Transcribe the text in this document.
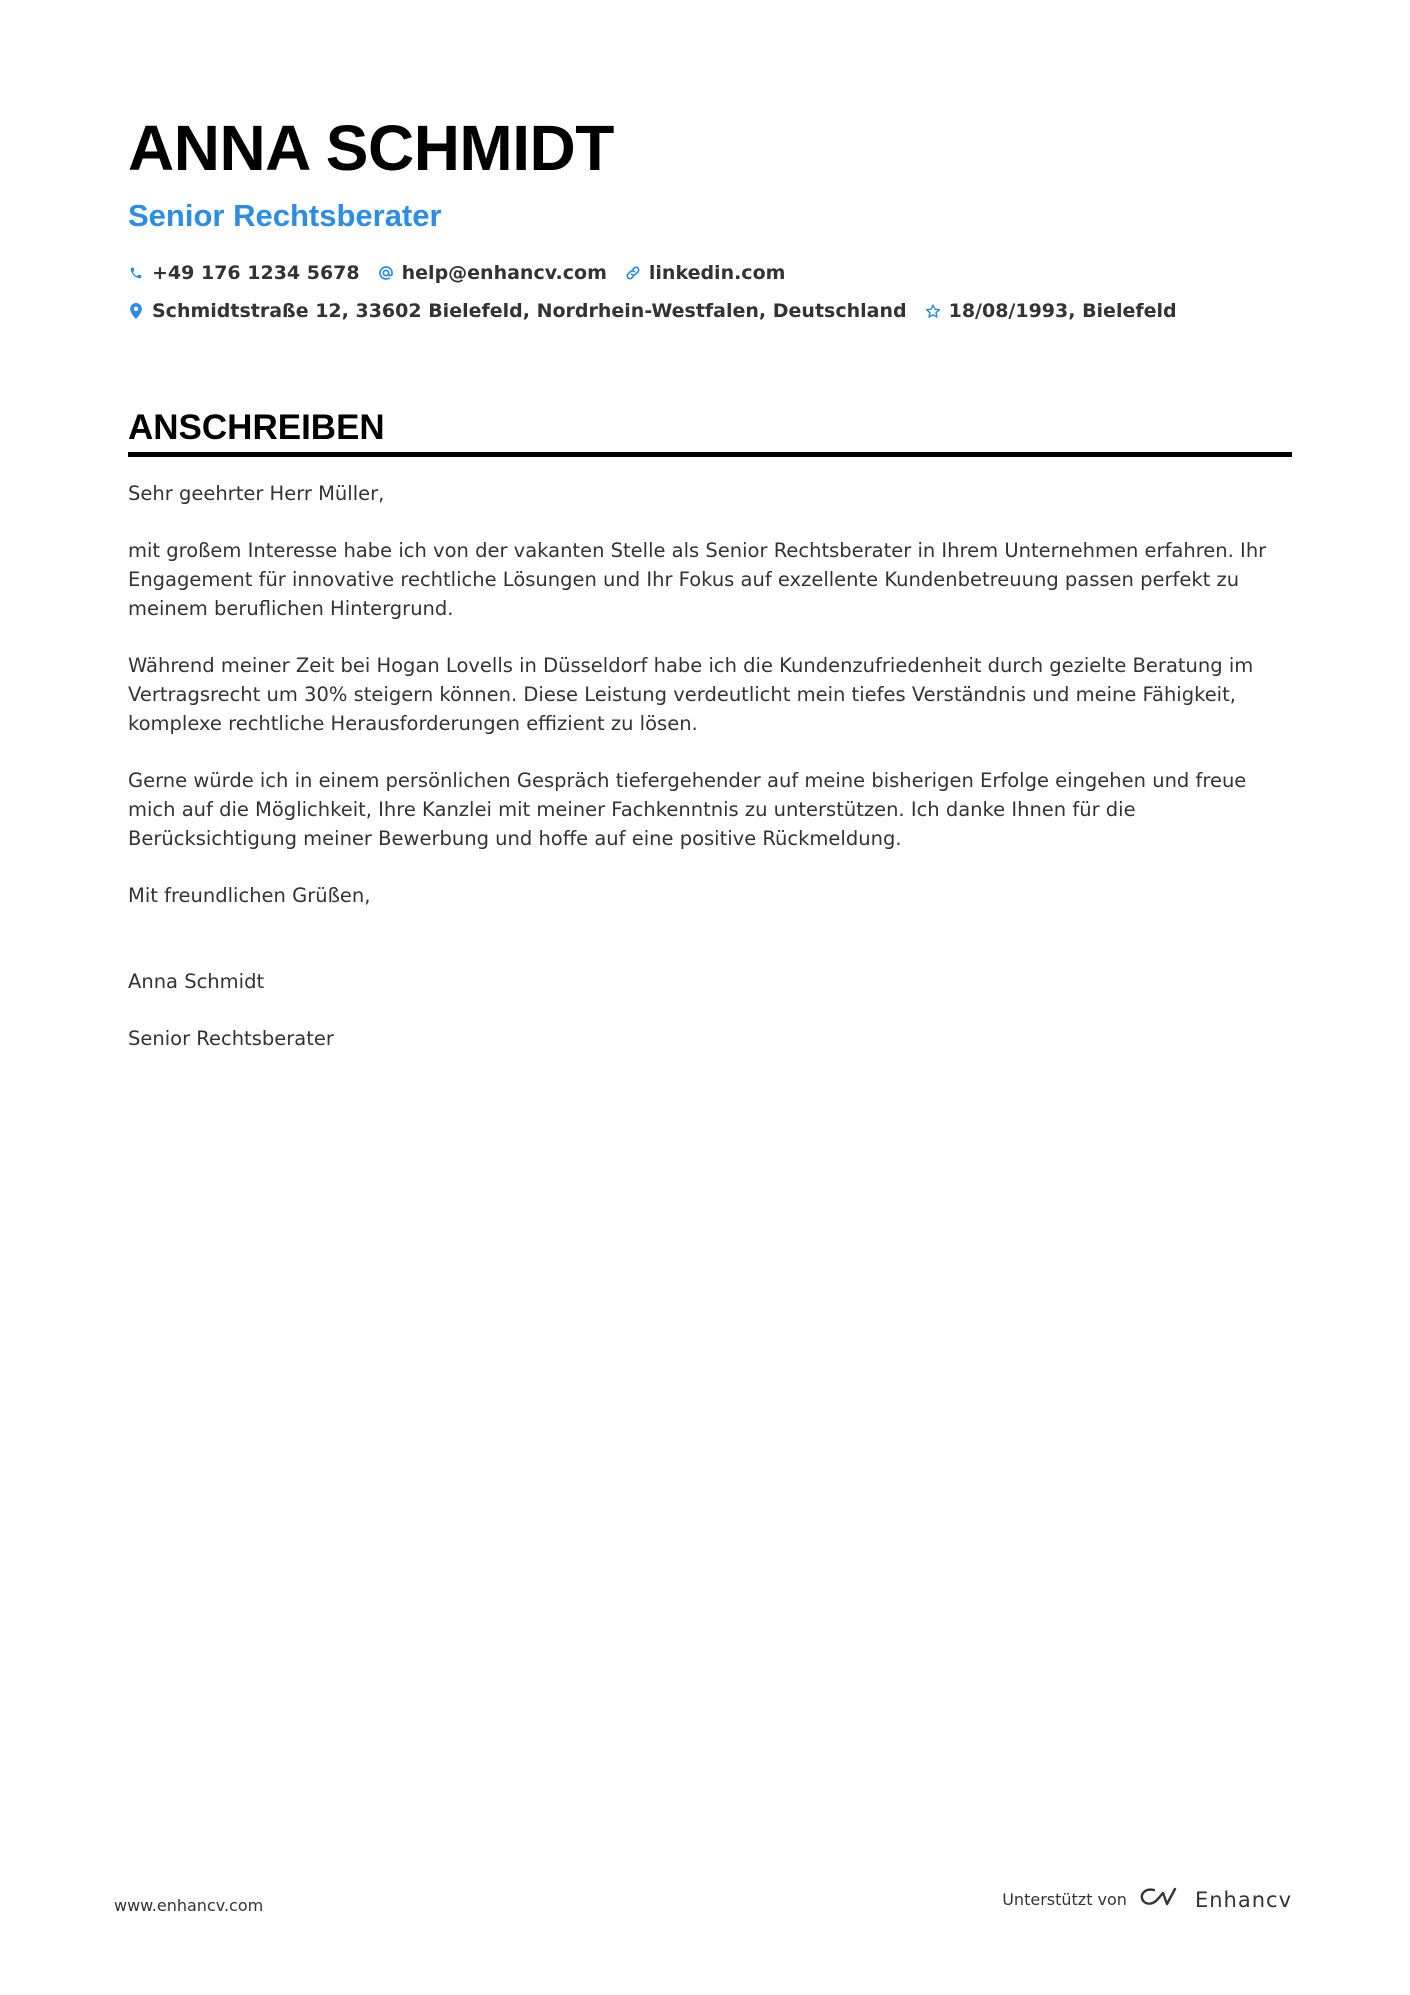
ANNA SCHMIDT
Senior Rechtsberater
+49 176 1234 5678 help@enhancv.com linkedin.com
Schmidtstraße 12, 33602 Bielefeld, Nordrhein-Westfalen, Deutschland 18/08/1993, Bielefeld
ANSCHREIBEN

Sehr geehrter Herr Müller,

mit großem Interesse habe ich von der vakanten Stelle als Senior Rechtsberater in Ihrem Unternehmen erfahren. Ihr Engagement für innovative rechtliche Lösungen und Ihr Fokus auf exzellente Kundenbetreuung passen perfekt zu meinem beruflichen Hintergrund.

Während meiner Zeit bei Hogan Lovells in Düsseldorf habe ich die Kundenzufriedenheit durch gezielte Beratung im Vertragsrecht um 30% steigern können. Diese Leistung verdeutlicht mein tiefes Verständnis und meine Fähigkeit, komplexe rechtliche Herausforderungen effizient zu lösen.

Gerne würde ich in einem persönlichen Gespräch tiefergehender auf meine bisherigen Erfolge eingehen und freue mich auf die Möglichkeit, Ihre Kanzlei mit meiner Fachkenntnis zu unterstützen. Ich danke Ihnen für die Berücksichtigung meiner Bewerbung und hoffe auf eine positive Rückmeldung.

Mit freundlichen Grüßen,

Anna Schmidt

Senior Rechtsberater

www.enhancv.com	Unterstützt von	Enhancv
